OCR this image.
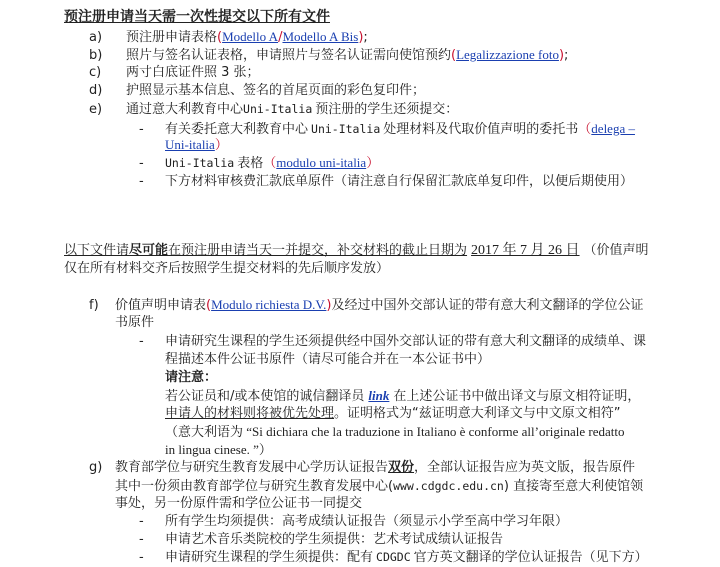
预注册申请当天需一次性提交以下所有文件
a) 预注册申请表格(Modello A/Modello A Bis);
b) 照片与签名认证表格，申请照片与签名认证需向使馆预约(Legalizzazione foto);
c) 两寸白底证件照 3 张；
d) 护照显示基本信息、签名的首尾页面的彩色复印件；
e) 通过意大利教育中心Uni-Italia 预注册的学生还须提交：
- 有关委托意大利教育中心 Uni-Italia 处理材料及代取价值声明的委托书（delega –
Uni-italia）
- Uni-Italia 表格（modulo uni-italia）
- 下方材料审核费汇款底单原件（请注意自行保留汇款底单复印件，以便后期使用）
以下文件请尽可能在预注册申请当天一并提交，补交材料的截止日期为 2017 年 7 月 26 日 （价值声明
仅在所有材料交齐后按照学生提交材料的先后顺序发放）
f) 价值声明申请表(Modulo richiesta D.V.)及经过中国外交部认证的带有意大利文翻译的学位公证
书原件
- 申请研究生课程的学生还须提供经中国外交部认证的带有意大利文翻译的成绩单、课
程描述本件公证书原件（请尽可能合并在一本公证书中）
请注意：
若公证员和/或本使馆的诚信翻译员 link 在上述公证书中做出译文与原文相符证明，
申请人的材料则将被优先处理。证明格式为“兹证明意大利译文与中文原文相符”
（意大利语为 “Si dichiara che la traduzione in Italiano è conforme all’originale redatto
in lingua cinese. ”）
g) 教育部学位与研究生教育发展中心学历认证报告双份，全部认证报告应为英文版，报告原件
其中一份须由教育部学位与研究生教育发展中心(www.cdgdc.edu.cn) 直接寄至意大利使馆领
事处，另一份原件需和学位公证书一同提交
- 所有学生均须提供：高考成绩认证报告（须显示小学至高中学习年限）
- 申请艺术音乐类院校的学生须提供：艺术考试成绩认证报告
- 申请研究生课程的学生须提供：配有 CDGDC 官方英文翻译的学位认证报告（见下方）
